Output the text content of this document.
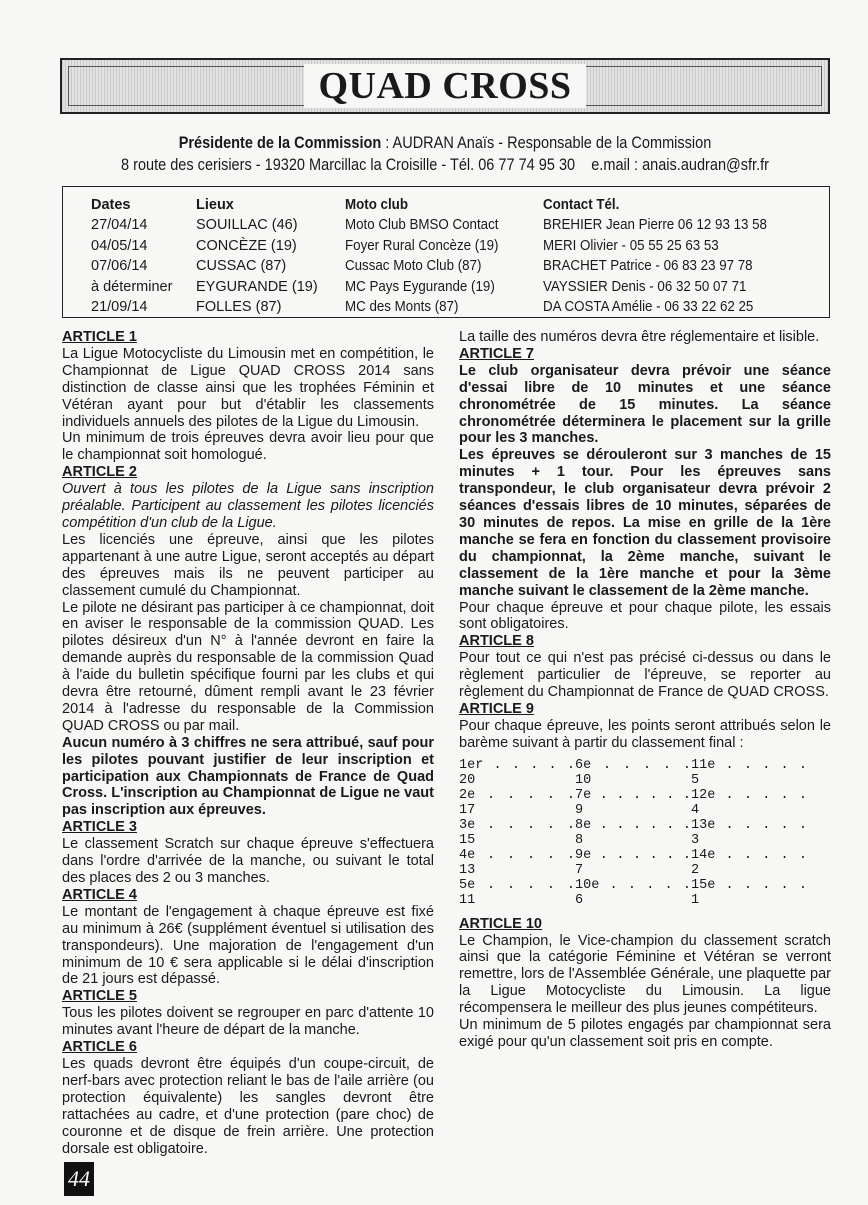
QUAD CROSS
Présidente de la Commission : AUDRAN Anaïs - Responsable de la Commission
8 route des cerisiers - 19320 Marcillac la Croisille - Tél. 06 77 74 95 30    e.mail : anais.audran@sfr.fr
Dates
27/04/14
04/05/14
07/06/14
à déterminer
21/09/14
Lieux
SOUILLAC (46)
CONCÈZE (19)
CUSSAC (87)
EYGURANDE (19)
FOLLES (87)
Moto club
Moto Club BMSO Contact
Foyer Rural Concèze (19)
Cussac Moto Club (87)
MC Pays Eygurande (19)
MC des Monts (87)
Contact Tél.
BREHIER Jean Pierre 06 12 93 13 58
MERI Olivier - 05 55 25 63 53
BRACHET Patrice - 06 83 23 97 78
VAYSSIER Denis - 06 32 50 07 71
DA COSTA Amélie - 06 33 22 62 25
ARTICLE 1

La Ligue Motocycliste du Limousin met en compétition, le Championnat de Ligue QUAD CROSS 2014 sans distinction de classe ainsi que les trophées Féminin et Vétéran ayant pour but d'établir les classements individuels annuels des pilotes de la Ligue du Limousin.

Un minimum de trois épreuves devra avoir lieu pour que le championnat soit homologué.

ARTICLE 2

Ouvert à tous les pilotes de la Ligue sans inscription préalable. Participent au classement les pilotes licenciés compétition d'un club de la Ligue.

Les licenciés une épreuve, ainsi que les pilotes appartenant à une autre Ligue, seront acceptés au départ des épreuves mais ils ne peuvent participer au classement cumulé du Championnat.

Le pilote ne désirant pas participer à ce championnat, doit en aviser le responsable de la commission QUAD. Les pilotes désireux d'un N° à l'année devront en faire la demande auprès du responsable de la commission Quad à l'aide du bulletin spécifique fourni par les clubs et qui devra être retourné, dûment rempli avant le 23 février 2014 à l'adresse du responsable de la Commission QUAD CROSS ou par mail.

Aucun numéro à 3 chiffres ne sera attribué, sauf pour les pilotes pouvant justifier de leur inscription et participation aux Championnats de France de Quad Cross. L'inscription au Championnat de Ligue ne vaut pas inscription aux épreuves.

ARTICLE 3

Le classement Scratch sur chaque épreuve s'effectuera dans l'ordre d'arrivée de la manche, ou suivant le total des places des 2 ou 3 manches.

ARTICLE 4

Le montant de l'engagement à chaque épreuve est fixé au minimum à 26€ (supplément éventuel si utilisation des transpondeurs). Une majoration de l'engagement d'un minimum de 10 € sera applicable si le délai d'inscription de 21 jours est dépassé.

ARTICLE 5

Tous les pilotes doivent se regrouper en parc d'attente 10 minutes avant l'heure de départ de la manche.

ARTICLE 6

Les quads devront être équipés d'un coupe-circuit, de nerf-bars avec protection reliant le bas de l'aile arrière (ou protection équivalente) les sangles devront être rattachées au cadre, et d'une protection (pare choc) de couronne et de disque de frein arrière. Une protection dorsale est obligatoire.

La taille des numéros devra être réglementaire et lisible.

ARTICLE 7

Le club organisateur devra prévoir une séance d'essai libre de 10 minutes et une séance chronométrée de 15 minutes. La séance chronométrée déterminera le placement sur la grille pour les 3 manches.

Les épreuves se dérouleront sur 3 manches de 15 minutes + 1 tour. Pour les épreuves sans transpondeur, le club organisateur devra prévoir 2 séances d'essais libres de 10 minutes, séparées de 30 minutes de repos. La mise en grille de la 1ère manche se fera en fonction du classement provisoire du championnat, la 2ème manche, suivant le classement de la 1ère manche et pour la 3ème manche suivant le classement de la 2ème manche.

Pour chaque épreuve et pour chaque pilote, les essais sont obligatoires.

ARTICLE 8

Pour tout ce qui n'est pas précisé ci-dessus ou dans le règlement particulier de l'épreuve, se reporter au règlement du Championnat de France de QUAD CROSS.

ARTICLE 9

Pour chaque épreuve, les points seront attribués selon le barème suivant à partir du classement final :

1er . . . . . 20
6e . . . . . 10
11e . . . . . 5
2e . . . . . 17
7e . . . . . . 9
12e . . . . . 4
3e . . . . . 15
8e . . . . . . 8
13e . . . . . 3
4e . . . . . 13
9e . . . . . . 7
14e . . . . . 2
5e . . . . . 11
10e . . . . . 6
15e . . . . . 1
ARTICLE 10

Le Champion, le Vice-champion du classement scratch ainsi que la catégorie Féminine et Vétéran se verront remettre, lors de l'Assemblée Générale, une plaquette par la Ligue Motocycliste du Limousin. La ligue récompensera le meilleur des plus jeunes compétiteurs.

Un minimum de 5 pilotes engagés par championnat sera exigé pour qu'un classement soit pris en compte.

44
